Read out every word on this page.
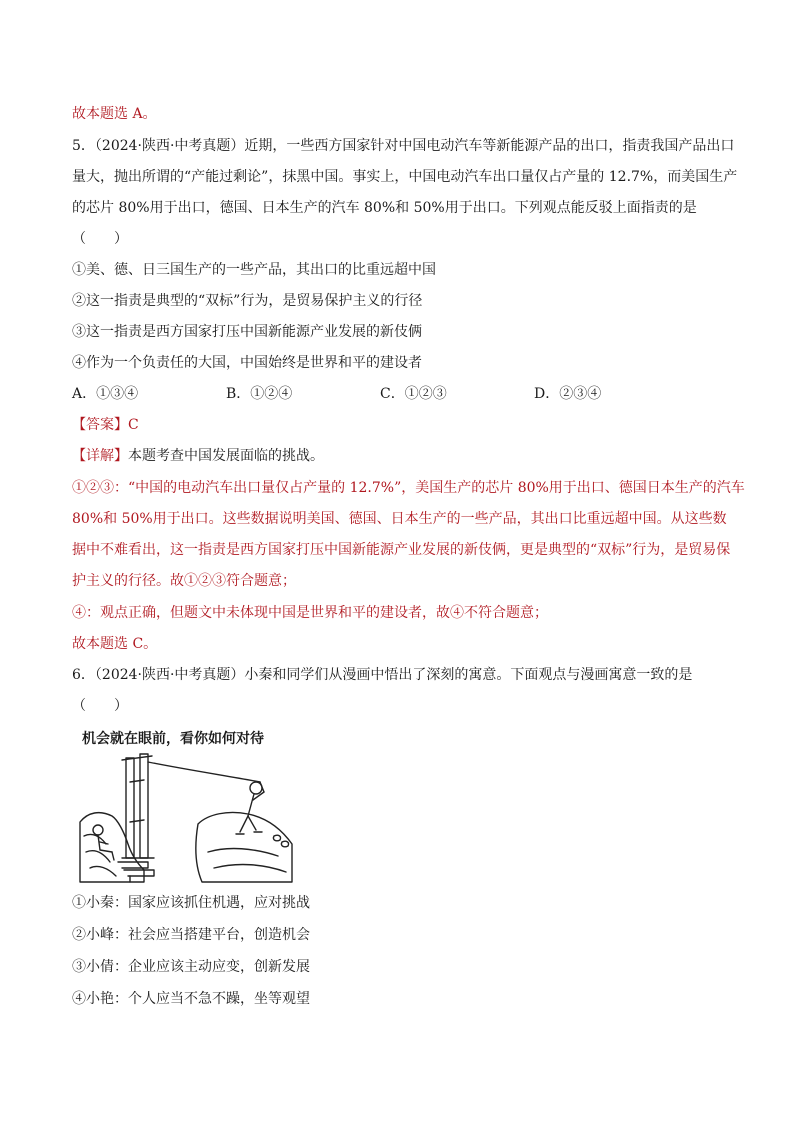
故本题选 A。
5．（2024·陕西·中考真题）近期，一些西方国家针对中国电动汽车等新能源产品的出口，指责我国产品出口
量大，抛出所谓的“产能过剩论”，抹黑中国。事实上，中国电动汽车出口量仅占产量的 12.7%，而美国生产
的芯片 80%用于出口，德国、日本生产的汽车 80%和 50%用于出口。下列观点能反驳上面指责的是
（　　）
①美、德、日三国生产的一些产品，其出口的比重远超中国
②这一指责是典型的“双标”行为，是贸易保护主义的行径
③这一指责是西方国家打压中国新能源产业发展的新伎俩
④作为一个负责任的大国，中国始终是世界和平的建设者
A．①③④	B．①②④	C．①②③	D．②③④
【答案】C
【详解】本题考查中国发展面临的挑战。
①②③：“中国的电动汽车出口量仅占产量的 12.7%”，美国生产的芯片 80%用于出口、德国日本生产的汽车
80%和 50%用于出口。这些数据说明美国、德国、日本生产的一些产品，其出口比重远超中国。从这些数
据中不难看出，这一指责是西方国家打压中国新能源产业发展的新伎俩，更是典型的“双标”行为，是贸易保
护主义的行径。故①②③符合题意；
④：观点正确，但题文中未体现中国是世界和平的建设者，故④不符合题意；
故本题选 C。
6．（2024·陕西·中考真题）小秦和同学们从漫画中悟出了深刻的寓意。下面观点与漫画寓意一致的是
（　　）
机会就在眼前，看你如何对待
①小秦：国家应该抓住机遇，应对挑战
②小峰：社会应当搭建平台，创造机会
③小倩：企业应该主动应变，创新发展
④小艳：个人应当不急不躁，坐等观望
